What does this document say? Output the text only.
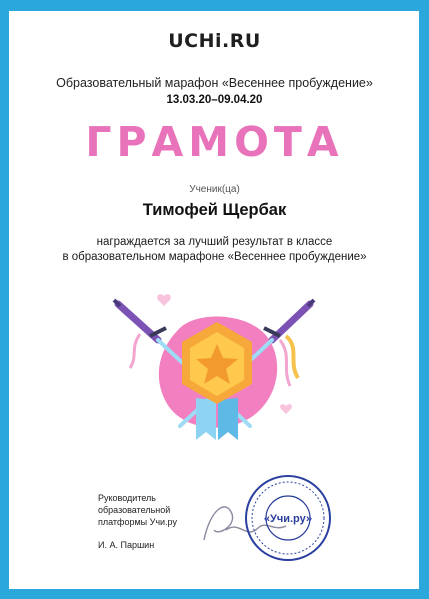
UCHi.RU
Образовательный марафон «Весеннее пробуждение»
13.03.20–09.04.20
ГРАМОТА
Ученик(ца)
Тимофей Щербак
награждается за лучший результат в классе
в образовательном марафоне «Весеннее пробуждение»
Руководитель
образовательной
платформы Учи.ру
И. А. Паршин
«Учи.ру»
